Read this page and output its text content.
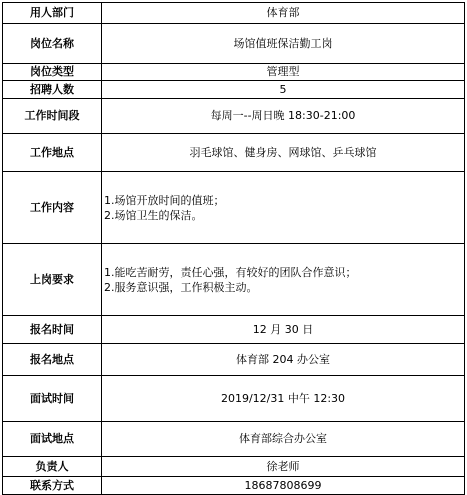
用人部门	体育部
岗位名称	场馆值班保洁勤工岗
岗位类型	管理型
招聘人数	5
工作时间段	每周一--周日晚 18:30-21:00
工作地点	羽毛球馆、健身房、网球馆、乒乓球馆
工作内容	1.场馆开放时间的值班；
2.场馆卫生的保洁。

上岗要求	1.能吃苦耐劳，责任心强，有较好的团队合作意识；
2.服务意识强，工作积极主动。

报名时间	12 月 30 日
报名地点	体育部 204 办公室
面试时间	2019/12/31 中午 12:30
面试地点	体育部综合办公室
负责人	徐老师
联系方式	18687808699
